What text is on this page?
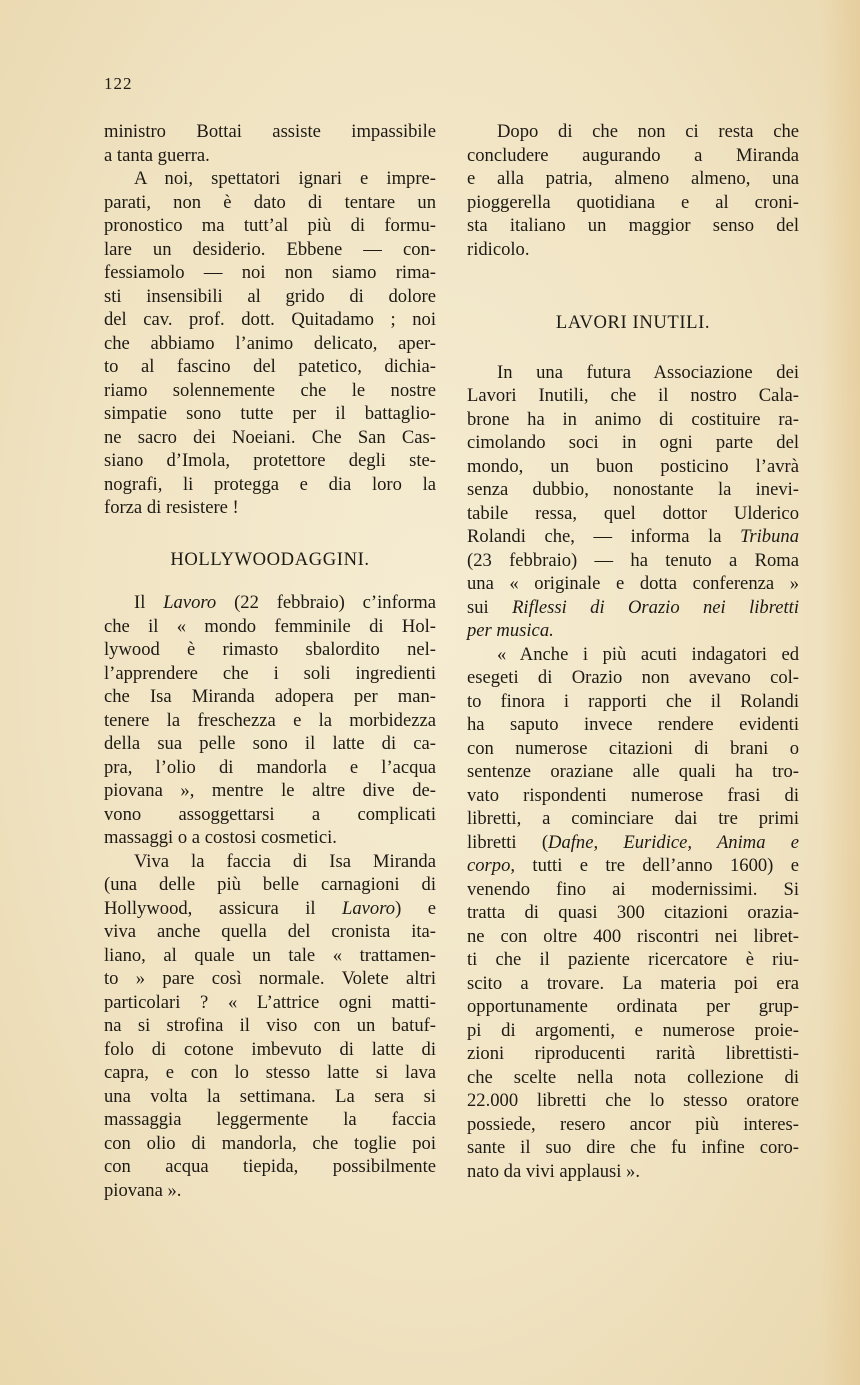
122
ministro Bottai assiste impassibile
a tanta guerra.
A noi, spettatori ignari e impre-
parati, non è dato di tentare un
pronostico ma tutt’al più di formu-
lare un desiderio. Ebbene — con-
fessiamolo — noi non siamo rima-
sti insensibili al grido di dolore
del cav. prof. dott. Quitadamo ; noi
che abbiamo l’animo delicato, aper-
to al fascino del patetico, dichia-
riamo solennemente che le nostre
simpatie sono tutte per il battaglio-
ne sacro dei Noeiani. Che San Cas-
siano d’Imola, protettore degli ste-
nografi, li protegga e dia loro la
forza di resistere !
HOLLYWOODAGGINI.
Il Lavoro (22 febbraio) c’informa
che il « mondo femminile di Hol-
lywood è rimasto sbalordito nel-
l’apprendere che i soli ingredienti
che Isa Miranda adopera per man-
tenere la freschezza e la morbidezza
della sua pelle sono il latte di ca-
pra, l’olio di mandorla e l’acqua
piovana », mentre le altre dive de-
vono assoggettarsi a complicati
massaggi o a costosi cosmetici.
Viva la faccia di Isa Miranda
(una delle più belle carnagioni di
Hollywood, assicura il Lavoro) e
viva anche quella del cronista ita-
liano, al quale un tale « trattamen-
to » pare così normale. Volete altri
particolari ? « L’attrice ogni matti-
na si strofina il viso con un batuf-
folo di cotone imbevuto di latte di
capra, e con lo stesso latte si lava
una volta la settimana. La sera si
massaggia leggermente la faccia
con olio di mandorla, che toglie poi
con acqua tiepida, possibilmente
piovana ».
Dopo di che non ci resta che
concludere augurando a Miranda
e alla patria, almeno almeno, una
pioggerella quotidiana e al croni-
sta italiano un maggior senso del
ridicolo.
LAVORI INUTILI.
In una futura Associazione dei
Lavori Inutili, che il nostro Cala-
brone ha in animo di costituire ra-
cimolando soci in ogni parte del
mondo, un buon posticino l’avrà
senza dubbio, nonostante la inevi-
tabile ressa, quel dottor Ulderico
Rolandi che, — informa la Tribuna
(23 febbraio) — ha tenuto a Roma
una « originale e dotta conferenza »
sui Riflessi di Orazio nei libretti
per musica.
« Anche i più acuti indagatori ed
esegeti di Orazio non avevano col-
to finora i rapporti che il Rolandi
ha saputo invece rendere evidenti
con numerose citazioni di brani o
sentenze oraziane alle quali ha tro-
vato rispondenti numerose frasi di
libretti, a cominciare dai tre primi
libretti (Dafne, Euridice, Anima e
corpo, tutti e tre dell’anno 1600) e
venendo fino ai modernissimi. Si
tratta di quasi 300 citazioni orazia-
ne con oltre 400 riscontri nei libret-
ti che il paziente ricercatore è riu-
scito a trovare. La materia poi era
opportunamente ordinata per grup-
pi di argomenti, e numerose proie-
zioni riproducenti rarità librettisti-
che scelte nella nota collezione di
22.000 libretti che lo stesso oratore
possiede, resero ancor più interes-
sante il suo dire che fu infine coro-
nato da vivi applausi ».
